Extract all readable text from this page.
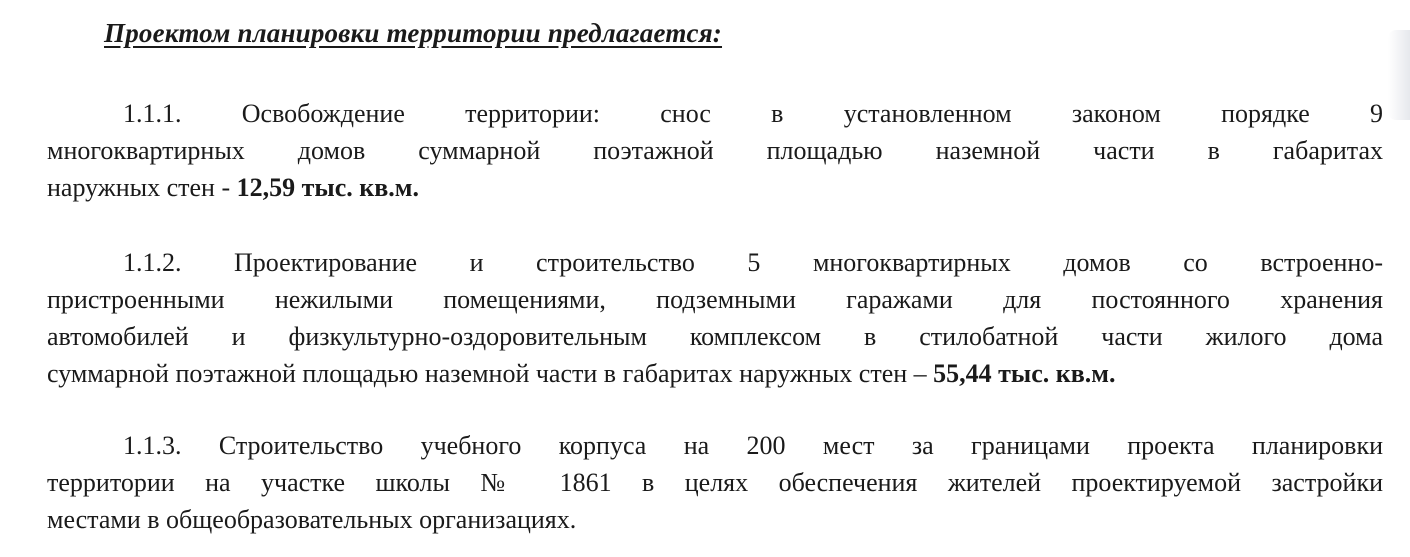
Проектом планировки территории предлагается:
1.1.1. Освобождение территории: снос в установленном законом порядке 9
многоквартирных домов суммарной поэтажной площадью наземной части в габаритах
наружных стен - 12,59 тыс. кв.м.
1.1.2. Проектирование и строительство 5 многоквартирных домов со встроенно-
пристроенными нежилыми помещениями, подземными гаражами для постоянного хранения
автомобилей и физкультурно-оздоровительным комплексом в стилобатной части жилого дома
суммарной поэтажной площадью наземной части в габаритах наружных стен – 55,44 тыс. кв.м.
1.1.3. Строительство учебного корпуса на 200 мест за границами проекта планировки
территории на участке школы № 1861 в целях обеспечения жителей проектируемой застройки
местами в общеобразовательных организациях.
